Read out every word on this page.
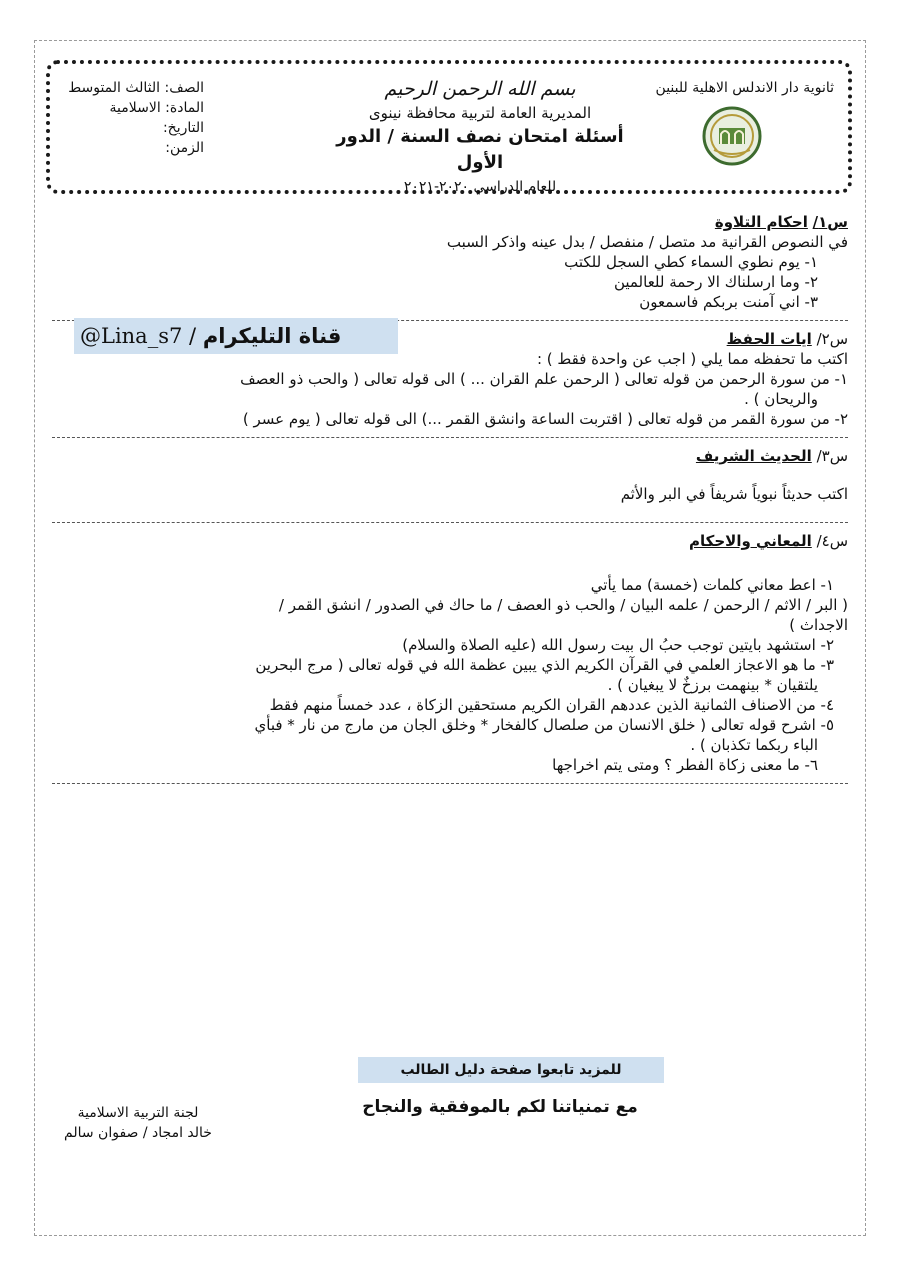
ثانوية دار الاندلس الاهلية للبنين
بسم الله الرحمن الرحيم
المديرية العامة لتربية محافظة نينوى
أسئلة امتحان نصف السنة / الدور الأول
للعام الدراسي ٢٠٢٠-٢٠٢١
الصف: الثالث المتوسط
المادة: الاسلامية
التاريخ:
الزمن:
س١/ احكام التلاوة

في النصوص القرانية مد متصل / منفصل / بدل عينه واذكر السبب

١- يوم نطوي السماء كطي السجل للكتب

٢- وما ارسلناك الا رحمة للعالمين

٣- اني آمنت بربكم فاسمعون

س٢/ ايات الحفظ

اكتب ما تحفظه مما يلي ( اجب عن واحدة فقط ) :

١- من سورة الرحمن من قوله تعالى ( الرحمن علم القران ... ) الى قوله تعالى ( والحب ذو العصف

والريحان ) .

٢- من سورة القمر من قوله تعالى ( اقتربت الساعة وانشق القمر ...) الى قوله تعالى ( يوم عسر )

س٣/ الحديث الشريف

اكتب حديثاً نبوياً شريفاً في البر والأثم

س٤/ المعاني والاحكام

١- اعط معاني كلمات (خمسة) مما يأتي

( البر / الاثم / الرحمن / علمه البيان / والحب ذو العصف / ما حاك في الصدور / انشق القمر /

الاجداث )

٢- استشهد بايتين توجب حبُ ال بيت رسول الله (عليه الصلاة والسلام)

٣- ما هو الاعجاز العلمي في القرآن الكريم الذي يبين عظمة الله في قوله تعالى ( مرج البحرين

يلتقيان * بينهمت برزخٌ لا يبغيان ) .

٤- من الاصناف الثمانية الذين عددهم القران الكريم مستحقين الزكاة ، عدد خمساً منهم فقط

٥- اشرح قوله تعالى ( خلق الانسان من صلصال كالفخار * وخلق الجان من مارج من نار * فبأي

الباء ربكما تكذبان ) .

٦- ما معنى زكاة الفطر ؟ ومتى يتم اخراجها

@Lina_s7 / قناة التليكرام
للمزيد تابعوا صفحة دليل الطالب
مع تمنياتنا لكم بالموفقية والنجاح
لجنة التربية الاسلامية
خالد امجاد / صفوان سالم
